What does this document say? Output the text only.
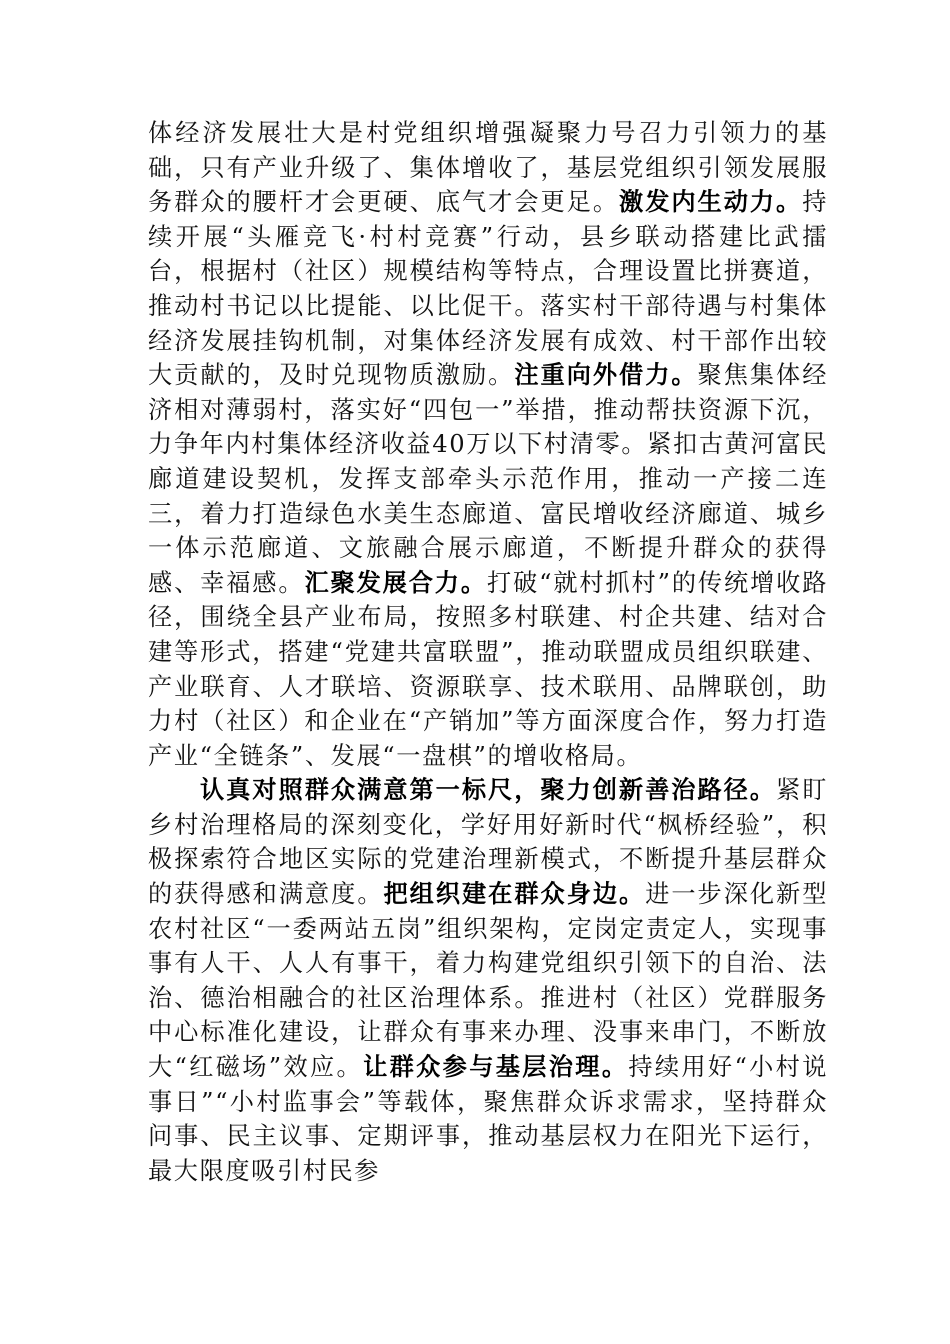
体经济发展壮大是村党组织增强凝聚力号召力引领力的基础，只有产业升级了、集体增收了，基层党组织引领发展服务群众的腰杆才会更硬、底气才会更足。激发内生动力。持续开展“头雁竞飞·村村竞赛”行动，县乡联动搭建比武擂台，根据村（社区）规模结构等特点，合理设置比拼赛道，推动村书记以比提能、以比促干。落实村干部待遇与村集体经济发展挂钩机制，对集体经济发展有成效、村干部作出较大贡献的，及时兑现物质激励。注重向外借力。聚焦集体经济相对薄弱村，落实好“四包一”举措，推动帮扶资源下沉，力争年内村集体经济收益40万以下村清零。紧扣古黄河富民廊道建设契机，发挥支部牵头示范作用，推动一产接二连三，着力打造绿色水美生态廊道、富民增收经济廊道、城乡一体示范廊道、文旅融合展示廊道，不断提升群众的获得感、幸福感。汇聚发展合力。打破“就村抓村”的传统增收路径，围绕全县产业布局，按照多村联建、村企共建、结对合建等形式，搭建“党建共富联盟”，推动联盟成员组织联建、产业联育、人才联培、资源联享、技术联用、品牌联创，助力村（社区）和企业在“产销加”等方面深度合作，努力打造产业“全链条”、发展“一盘棋”的增收格局。

认真对照群众满意第一标尺，聚力创新善治路径。紧盯乡村治理格局的深刻变化，学好用好新时代“枫桥经验”，积极探索符合地区实际的党建治理新模式，不断提升基层群众的获得感和满意度。把组织建在群众身边。进一步深化新型农村社区“一委两站五岗”组织架构，定岗定责定人，实现事事有人干、人人有事干，着力构建党组织引领下的自治、法治、德治相融合的社区治理体系。推进村（社区）党群服务中心标准化建设，让群众有事来办理、没事来串门，不断放大“红磁场”效应。让群众参与基层治理。持续用好“小村说事日”“小村监事会”等载体，聚焦群众诉求需求，坚持群众问事、民主议事、定期评事，推动基层权力在阳光下运行，最大限度吸引村民参
